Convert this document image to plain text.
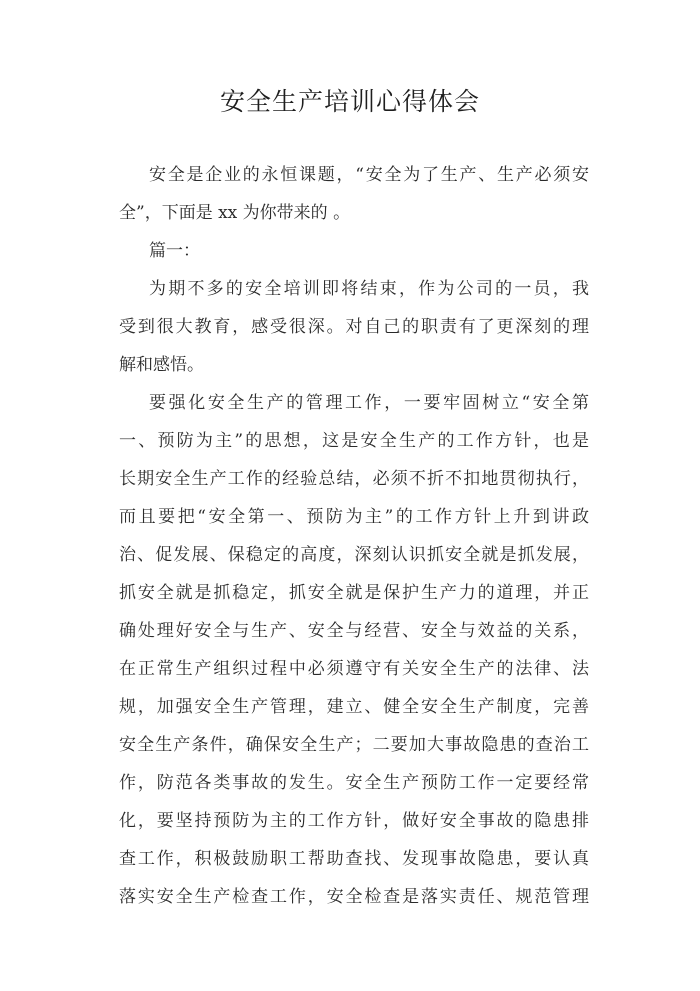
安全生产培训心得体会
安全是企业的永恒课题，“安全为了生产、生产必须安
全”，下面是 xx 为你带来的 。
篇一：
为期不多的安全培训即将结束，作为公司的一员，我
受到很大教育，感受很深。对自己的职责有了更深刻的理
解和感悟。
要强化安全生产的管理工作，一要牢固树立“安全第
一、预防为主”的思想，这是安全生产的工作方针，也是
长期安全生产工作的经验总结，必须不折不扣地贯彻执行，
而且要把“安全第一、预防为主”的工作方针上升到讲政
治、促发展、保稳定的高度，深刻认识抓安全就是抓发展，
抓安全就是抓稳定，抓安全就是保护生产力的道理，并正
确处理好安全与生产、安全与经营、安全与效益的关系，
在正常生产组织过程中必须遵守有关安全生产的法律、法
规，加强安全生产管理，建立、健全安全生产制度，完善
安全生产条件，确保安全生产；二要加大事故隐患的查治工
作，防范各类事故的发生。安全生产预防工作一定要经常
化，要坚持预防为主的工作方针，做好安全事故的隐患排
查工作，积极鼓励职工帮助查找、发现事故隐患，要认真
落实安全生产检查工作，安全检查是落实责任、规范管理
